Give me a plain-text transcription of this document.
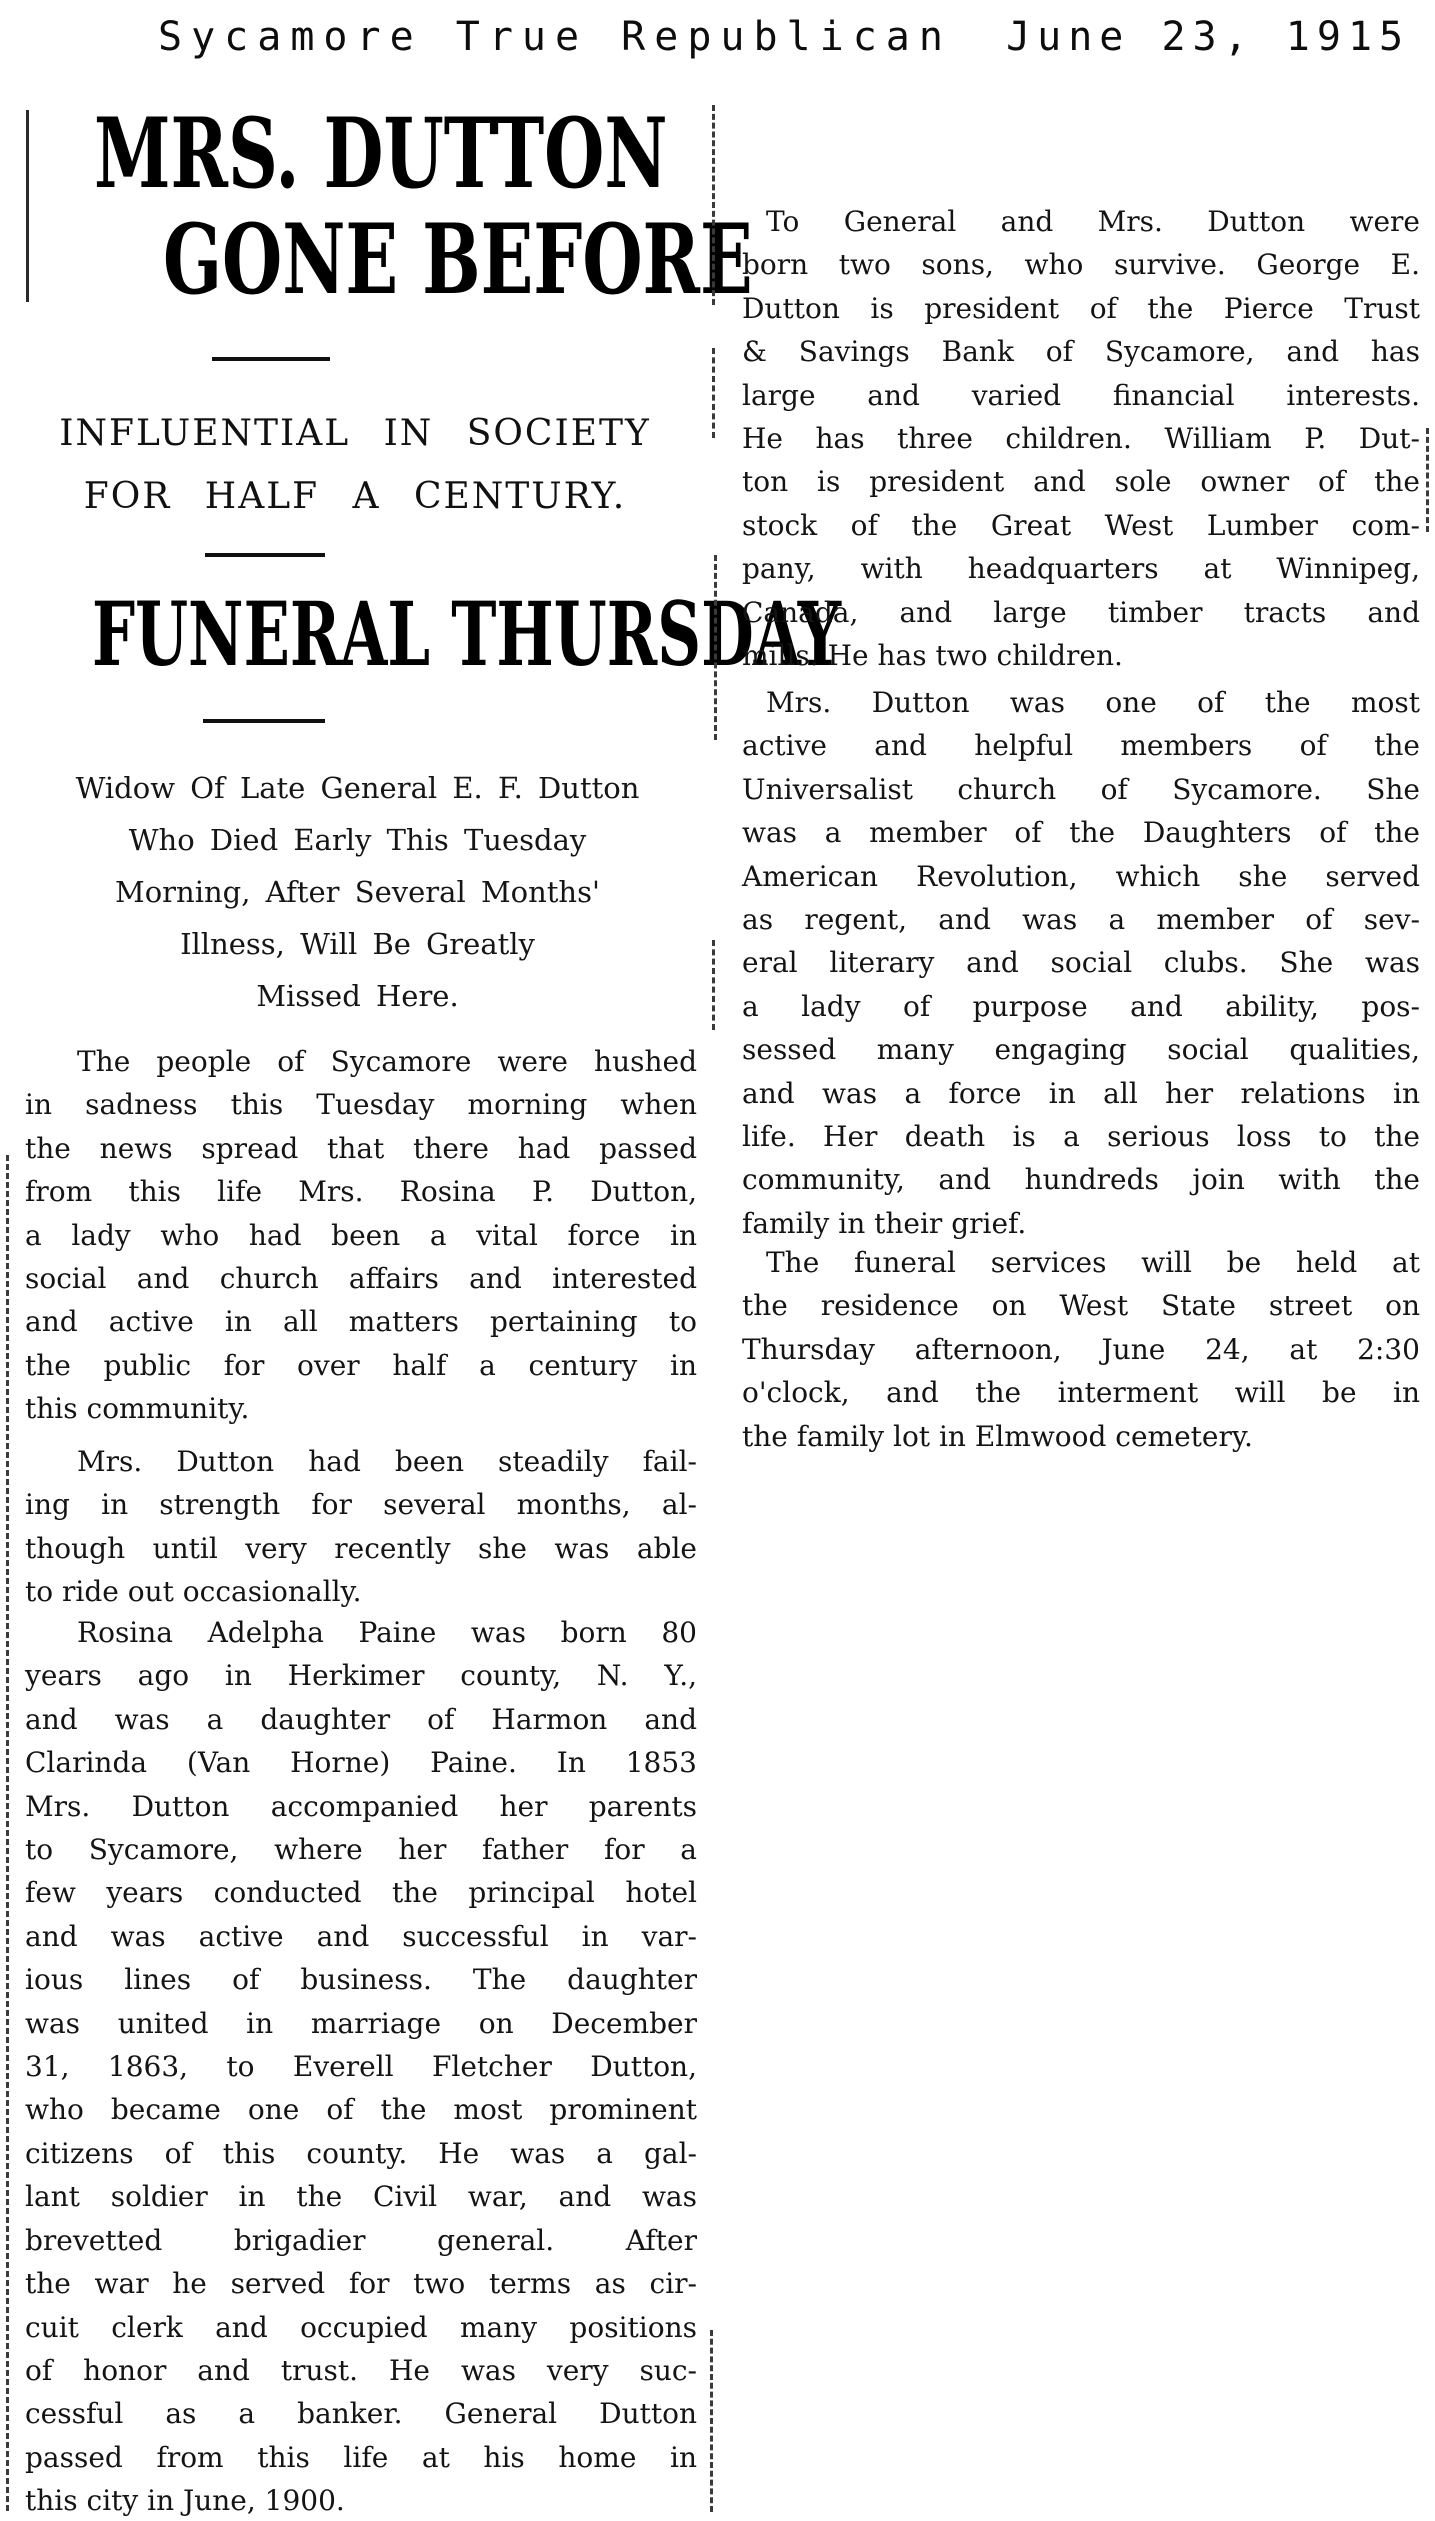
Sycamore True Republican June 23, 1915
MRS. DUTTON
GONE BEFORE
INFLUENTIAL IN SOCIETY
FOR HALF A CENTURY.
FUNERAL THURSDAY
Widow Of Late General E. F. Dutton
Who Died Early This Tuesday
Morning, After Several Months'
Illness, Will Be Greatly
Missed Here.
The people of Sycamore were hushed
in sadness this Tuesday morning when
the news spread that there had passed
from this life Mrs. Rosina P. Dutton,
a lady who had been a vital force in
social and church affairs and interested
and active in all matters pertaining to
the public for over half a century in
this community.
Mrs. Dutton had been steadily fail-
ing in strength for several months, al-
though until very recently she was able
to ride out occasionally.
Rosina Adelpha Paine was born 80
years ago in Herkimer county, N. Y.,
and was a daughter of Harmon and
Clarinda (Van Horne) Paine. In 1853
Mrs. Dutton accompanied her parents
to Sycamore, where her father for a
few years conducted the principal hotel
and was active and successful in var-
ious lines of business. The daughter
was united in marriage on December
31, 1863, to Everell Fletcher Dutton,
who became one of the most prominent
citizens of this county. He was a gal-
lant soldier in the Civil war, and was
brevetted brigadier general. After
the war he served for two terms as cir-
cuit clerk and occupied many positions
of honor and trust. He was very suc-
cessful as a banker. General Dutton
passed from this life at his home in
this city in June, 1900.
To General and Mrs. Dutton were
born two sons, who survive. George E.
Dutton is president of the Pierce Trust
& Savings Bank of Sycamore, and has
large and varied financial interests.
He has three children. William P. Dut-
ton is president and sole owner of the
stock of the Great West Lumber com-
pany, with headquarters at Winnipeg,
Canada, and large timber tracts and
mills. He has two children.
Mrs. Dutton was one of the most
active and helpful members of the
Universalist church of Sycamore. She
was a member of the Daughters of the
American Revolution, which she served
as regent, and was a member of sev-
eral literary and social clubs. She was
a lady of purpose and ability, pos-
sessed many engaging social qualities,
and was a force in all her relations in
life. Her death is a serious loss to the
community, and hundreds join with the
family in their grief.
The funeral services will be held at
the residence on West State street on
Thursday afternoon, June 24, at 2:30
o'clock, and the interment will be in
the family lot in Elmwood cemetery.
